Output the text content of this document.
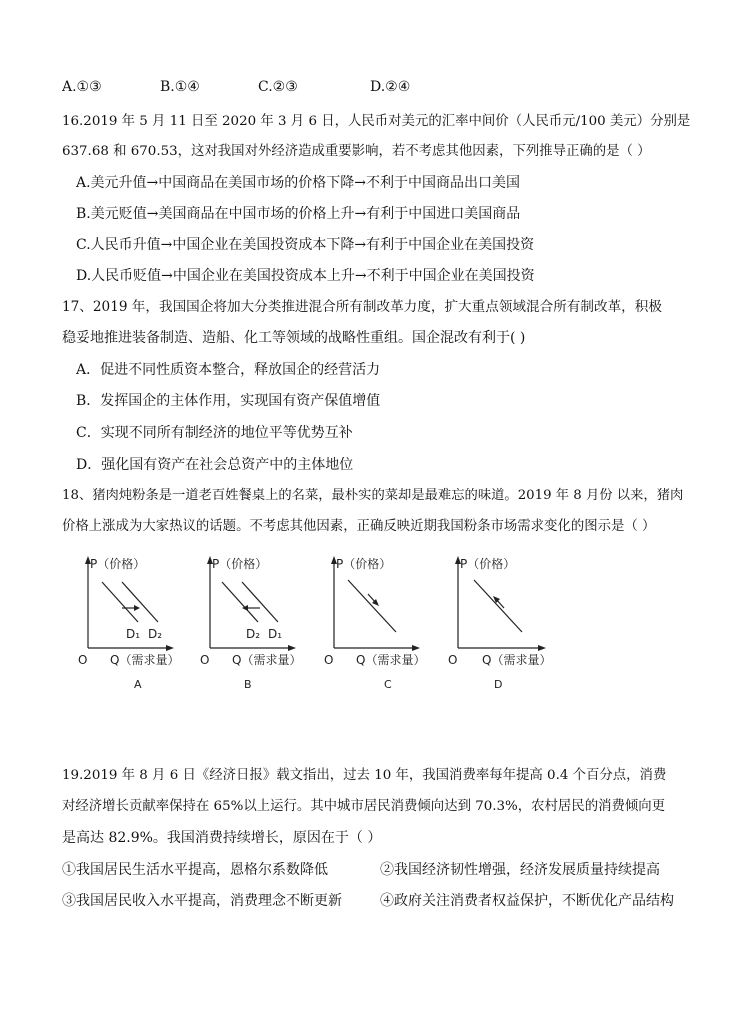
A.①③	B.①④	C.②③	D.②④
16.2019 年 5 月 11 日至 2020 年 3 月 6 日，人民币对美元的汇率中间价（人民币元/100 美元）分别是
637.68 和 670.53，这对我国对外经济造成重要影响，若不考虑其他因素，下列推导正确的是（ ）
A.美元升值→中国商品在美国市场的价格下降→不利于中国商品出口美国
B.美元贬值→美国商品在中国市场的价格上升→有利于中国进口美国商品
C.人民币升值→中国企业在美国投资成本下降→有利于中国企业在美国投资
D.人民币贬值→中国企业在美国投资成本上升→不利于中国企业在美国投资
17、2019 年，我国国企将加大分类推进混合所有制改革力度，扩大重点领域混合所有制改革，积极
稳妥地推进装备制造、造船、化工等领域的战略性重组。国企混改有利于( )
A．促进不同性质资本整合，释放国企的经营活力
B．发挥国企的主体作用，实现国有资产保值增值
C．实现不同所有制经济的地位平等优势互补
D．强化国有资产在社会总资产中的主体地位
18、猪肉炖粉条是一道老百姓餐桌上的名菜，最朴实的菜却是最难忘的味道。2019 年 8 月份 以来，猪肉
价格上涨成为大家热议的话题。不考虑其他因素，正确反映近期我国粉条市场需求变化的图示是（ ）
P（价格）
O Q（需求量）
D₁ D₂
A
P（价格）
O Q（需求量）
D₂ D₁
B
P（价格）
O Q（需求量）
C
P（价格）
O Q（需求量）
D
19.2019 年 8 月 6 日《经济日报》载文指出，过去 10 年，我国消费率每年提高 0.4 个百分点，消费
对经济增长贡献率保持在 65%以上运行。其中城市居民消费倾向达到 70.3%，农村居民的消费倾向更
是高达 82.9%。我国消费持续增长，原因在于（ ）
①我国居民生活水平提高，恩格尔系数降低	②我国经济韧性增强，经济发展质量持续提高
③我国居民收入水平提高，消费理念不断更新	④政府关注消费者权益保护，不断优化产品结构
